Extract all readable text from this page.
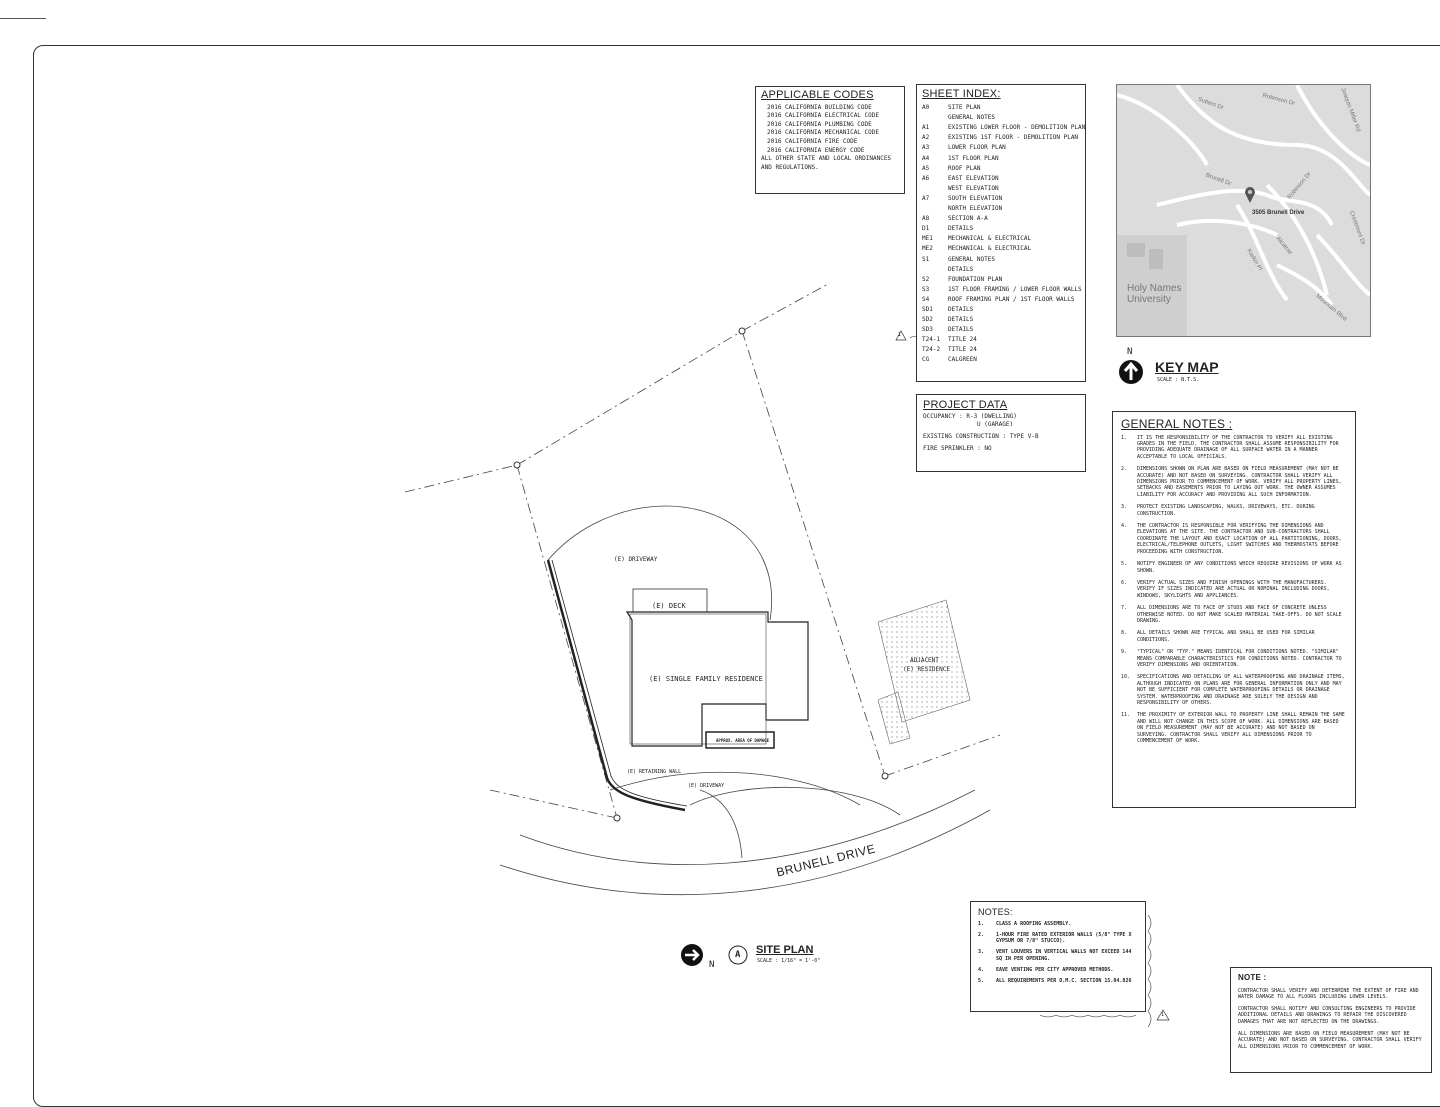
(E) DRIVEWAY
(E) DECK
(E) SINGLE FAMILY RESIDENCE
APPROX. AREA OF DAMAGE
(E) RETAINING WALL
(E) DRIVEWAY
ADJACENT
(E) RESIDENCE
BRUNELL DRIVE
1
1
APPLICABLE CODES
2016 CALIFORNIA BUILDING CODE
2016 CALIFORNIA ELECTRICAL CODE
2016 CALIFORNIA PLUMBING CODE
2016 CALIFORNIA MECHANICAL CODE
2016 CALIFORNIA FIRE CODE
2016 CALIFORNIA ENERGY CODE
ALL OTHER STATE AND LOCAL ORDINANCES AND REGULATIONS.
SHEET INDEX:
A0	SITE PLAN
GENERAL NOTES
A1	EXISTING LOWER FLOOR - DEMOLITION PLAN
A2	EXISTING 1ST FLOOR - DEMOLITION PLAN
A3	LOWER FLOOR PLAN
A4	1ST FLOOR PLAN
A5	ROOF PLAN
A6	EAST ELEVATION
WEST ELEVATION
A7	SOUTH ELEVATION
NORTH ELEVATION
A8	SECTION A-A
D1	DETAILS
ME1	MECHANICAL & ELECTRICAL
ME2	MECHANICAL & ELECTRICAL
S1	GENERAL NOTES
DETAILS
S2	FOUNDATION PLAN
S3	1ST FLOOR FRAMING / LOWER FLOOR WALLS
S4	ROOF FRAMING PLAN / 1ST FLOOR WALLS
SD1	DETAILS
SD2	DETAILS
SD3	DETAILS
T24-1	TITLE 24
T24-2	TITLE 24
CG	CALGREEN
PROJECT DATA
OCCUPANCY : R-3 (DWELLING)
U (GARAGE)
EXISTING CONSTRUCTION : TYPE V-B
FIRE SPRINKLER : NO
3505 Brunell Drive
Holy Names University
Sutters Dr	Robinson Dr	Joaquin Miller Rd
Brunell Dr	Robinson Dr
Crestmont Dr
Mountain Blvd
Karkin Pl
Alcatraz
N
KEY MAP
SCALE : N.T.S.
GENERAL NOTES :
1.	IT IS THE RESPONSIBILITY OF THE CONTRACTOR TO VERIFY ALL EXISTING GRADES IN THE FIELD. THE CONTRACTOR SHALL ASSUME RESPONSIBILITY FOR PROVIDING ADEQUATE DRAINAGE OF ALL SURFACE WATER IN A MANNER ACCEPTABLE TO LOCAL OFFICIALS.
2.	DIMENSIONS SHOWN ON PLAN ARE BASED ON FIELD MEASUREMENT (MAY NOT BE ACCURATE) AND NOT BASED ON SURVEYING. CONTRACTOR SHALL VERIFY ALL DIMENSIONS PRIOR TO COMMENCEMENT OF WORK. VERIFY ALL PROPERTY LINES, SETBACKS AND EASEMENTS PRIOR TO LAYING OUT WORK. THE OWNER ASSUMES LIABILITY FOR ACCURACY AND PROVIDING ALL SUCH INFORMATION.
3.	PROTECT EXISTING LANDSCAPING, WALKS, DRIVEWAYS, ETC. DURING CONSTRUCTION.
4.	THE CONTRACTOR IS RESPONSIBLE FOR VERIFYING THE DIMENSIONS AND ELEVATIONS AT THE SITE. THE CONTRACTOR AND SUB-CONTRACTORS SHALL COORDINATE THE LAYOUT AND EXACT LOCATION OF ALL PARTITIONING, DOORS, ELECTRICAL/TELEPHONE OUTLETS, LIGHT SWITCHES AND THERMOSTATS BEFORE PROCEEDING WITH CONSTRUCTION.
5.	NOTIFY ENGINEER OF ANY CONDITIONS WHICH REQUIRE REVISIONS OF WORK AS SHOWN.
6.	VERIFY ACTUAL SIZES AND FINISH OPENINGS WITH THE MANUFACTURERS. VERIFY IF SIZES INDICATED ARE ACTUAL OR NOMINAL INCLUDING DOORS, WINDOWS, SKYLIGHTS AND APPLIANCES.
7.	ALL DIMENSIONS ARE TO FACE OF STUDS AND FACE OF CONCRETE UNLESS OTHERWISE NOTED. DO NOT MAKE SCALED MATERIAL TAKE-OFFS. DO NOT SCALE DRAWING.
8.	ALL DETAILS SHOWN ARE TYPICAL AND SHALL BE USED FOR SIMILAR CONDITIONS.
9.	"TYPICAL" OR "TYP." MEANS IDENTICAL FOR CONDITIONS NOTED. "SIMILAR" MEANS COMPARABLE CHARACTERISTICS FOR CONDITIONS NOTED. CONTRACTOR TO VERIFY DIMENSIONS AND ORIENTATION.
10. SPECIFICATIONS AND DETAILING OF ALL WATERPROOFING AND DRAINAGE ITEMS, ALTHOUGH INDICATED ON PLANS ARE FOR GENERAL INFORMATION ONLY AND MAY NOT BE SUFFICIENT FOR COMPLETE WATERPROOFING DETAILS OR DRAINAGE SYSTEM. WATERPROOFING AND DRAINAGE ARE SOLELY THE DESIGN AND RESPONSIBILITY OF OTHERS.
11. THE PROXIMITY OF EXTERIOR WALL TO PROPERTY LINE SHALL REMAIN THE SAME AND WILL NOT CHANGE IN THIS SCOPE OF WORK. ALL DIMENSIONS ARE BASED ON FIELD MEASUREMENT (MAY NOT BE ACCURATE) AND NOT BASED ON SURVEYING. CONTRACTOR SHALL VERIFY ALL DIMENSIONS PRIOR TO COMMENCEMENT OF WORK.
NOTES:
1.	CLASS A ROOFING ASSEMBLY.
2.	1-HOUR FIRE RATED EXTERIOR WALLS (5/8" TYPE X GYPSUM OR 7/8" STUCCO).
3.	VENT LOUVERS IN VERTICAL WALLS NOT EXCEED 144 SQ IN PER OPENING.
4.	EAVE VENTING PER CITY APPROVED METHODS.
5.	ALL REQUIREMENTS PER O.M.C. SECTION 15.04.826	NOTE :

CONTRACTOR SHALL VERIFY AND DETERMINE THE EXTENT OF FIRE AND WATER DAMAGE TO ALL FLOORS INCLUDING LOWER LEVELS.

CONTRACTOR SHALL NOTIFY AND CONSULTING ENGINEERS TO PROVIDE ADDITIONAL DETAILS AND DRAWINGS TO REPAIR THE DISCOVERED DAMAGES THAT ARE NOT REFLECTED ON THE DRAWINGS.

ALL DIMENSIONS ARE BASED ON FIELD MEASUREMENT (MAY NOT BE ACCURATE) AND NOT BASED ON SURVEYING. CONTRACTOR SHALL VERIFY ALL DIMENSIONS PRIOR TO COMMENCEMENT OF WORK.

N
A SITE PLAN
SCALE : 1/16" = 1'-0"
